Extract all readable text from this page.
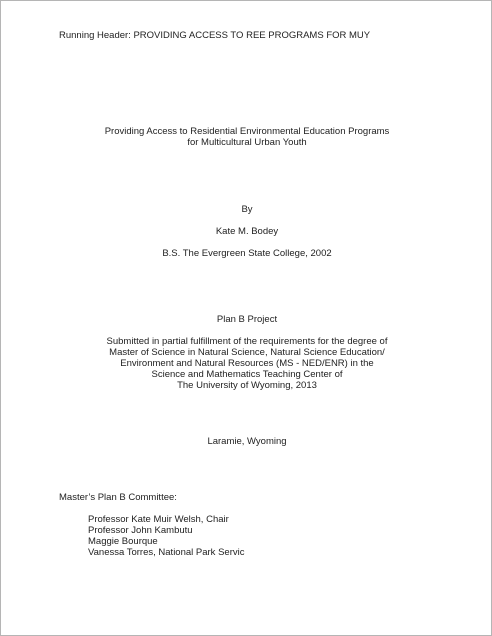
Running Header: PROVIDING ACCESS TO REE PROGRAMS FOR MUY
Providing Access to Residential Environmental Education Programs
for Multicultural Urban Youth
By
Kate M. Bodey
B.S. The Evergreen State College, 2002
Plan B Project
Submitted in partial fulfillment of the requirements for the degree of
Master of Science in Natural Science, Natural Science Education/
Environment and Natural Resources (MS - NED/ENR) in the
Science and Mathematics Teaching Center of
The University of Wyoming, 2013
Laramie, Wyoming
Master’s Plan B Committee:
Professor Kate Muir Welsh, Chair
Professor John Kambutu
Maggie Bourque
Vanessa Torres, National Park Servic
